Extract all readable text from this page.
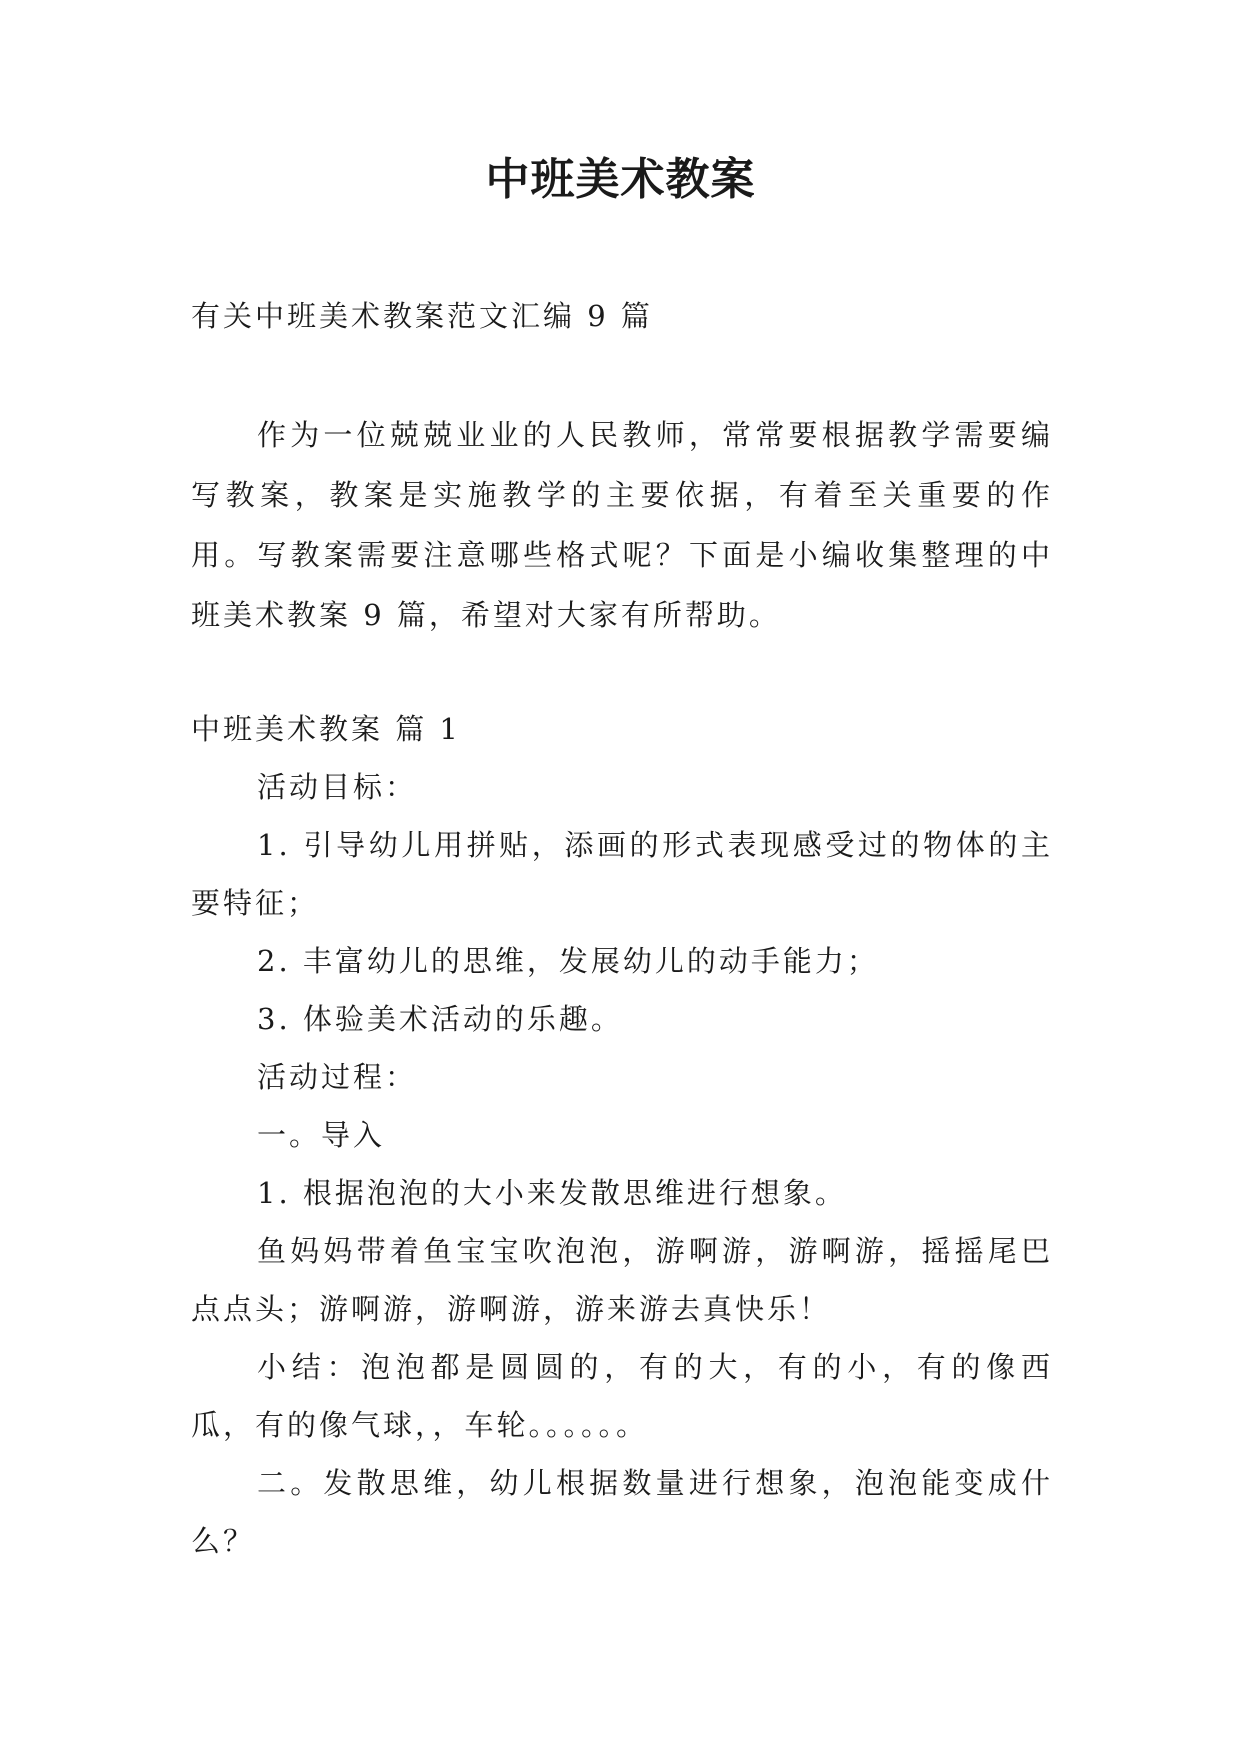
中班美术教案
有关中班美术教案范文汇编 9 篇
作为一位兢兢业业的人民教师，常常要根据教学需要编写教案，教案是实施教学的主要依据，有着至关重要的作用。写教案需要注意哪些格式呢？下面是小编收集整理的中班美术教案 9 篇，希望对大家有所帮助。

中班美术教案 篇 1

活动目标：

1. 引导幼儿用拼贴，添画的形式表现感受过的物体的主要特征；

2. 丰富幼儿的思维，发展幼儿的动手能力；

3. 体验美术活动的乐趣。

活动过程：

一。导入

1. 根据泡泡的大小来发散思维进行想象。

鱼妈妈带着鱼宝宝吹泡泡，游啊游，游啊游，摇摇尾巴点点头；游啊游，游啊游，游来游去真快乐！

小结：泡泡都是圆圆的，有的大，有的小，有的像西瓜，有的像气球，，车轮。。。。。。

二。发散思维，幼儿根据数量进行想象，泡泡能变成什么？
